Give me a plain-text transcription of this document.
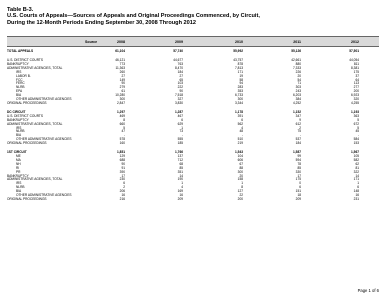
Table B-3.
U.S. Courts of Appeals—Sources of Appeals and Original Proceedings Commenced, by Circuit,
During the 12-Month Periods Ending September 30, 2008 Through 2012
Source	2008	2009	2010	2011	2012
TOTAL APPEALS	61,104	57,740	55,992	55,126	57,501
U.S. DISTRICT COURTS	46,121	44,677	43,757	42,661	44,054
BANKRUPTCY	773	763	878	880	811
ADMINISTRATIVE AGENCIES, TOTAL	11,363	8,470	7,813	7,333	8,381
IRS	260	184	171	226	175
LABOR B.	27	27	19	20	37
FCC	149	65	58	54	64
FERC	90	103	94	71	113
NLRB	279	222	283	303	277
EPA	61	90	353	243	200
BIA	10,280	7,518	6,733	6,203	6,923
OTHER ADMINISTRATIVE AGENCIES	300	327	300	384	320
ORIGINAL PROCEEDINGS	2,847	3,830	3,344	4,252	4,255
DC CIRCUIT	1,297	1,287	1,178	1,152	1,193
U.S. DISTRICT COURTS	469	467	391	347	363
BANKRUPTCY	8	6	6	9	5
ADMINISTRATIVE AGENCIES, TOTAL	660	629	562	612	672
IRS	5	1	4	2	5
NLRB	47	73	48	75	45
BIA	-	-	-	-	-
OTHER ADMINISTRATIVE AGENCIES	578	555	510	537	584
ORIGINAL PROCEEDINGS	160	185	219	184	153
1ST CIRCUIT	1,851	1,766	1,543	1,587	1,567
ME	129	137	104	99	105
MA	688	712	606	594	582
NH	90	68	67	78	62
RI	91	85	88	85	81
PR	390	351	300	330	322
BANKRUPTCY	17	14	20	17	14
ADMINISTRATIVE AGENCIES, TOTAL	230	190	158	175	171
IRS	6	1	1	0	1
NLRB	2	4	8	6	6
BIA	206	169	127	151	148
OTHER ADMINISTRATIVE AGENCIES	16	16	22	18	16
ORIGINAL PROCEEDINGS	216	209	200	209	231
Page 1 of 6
